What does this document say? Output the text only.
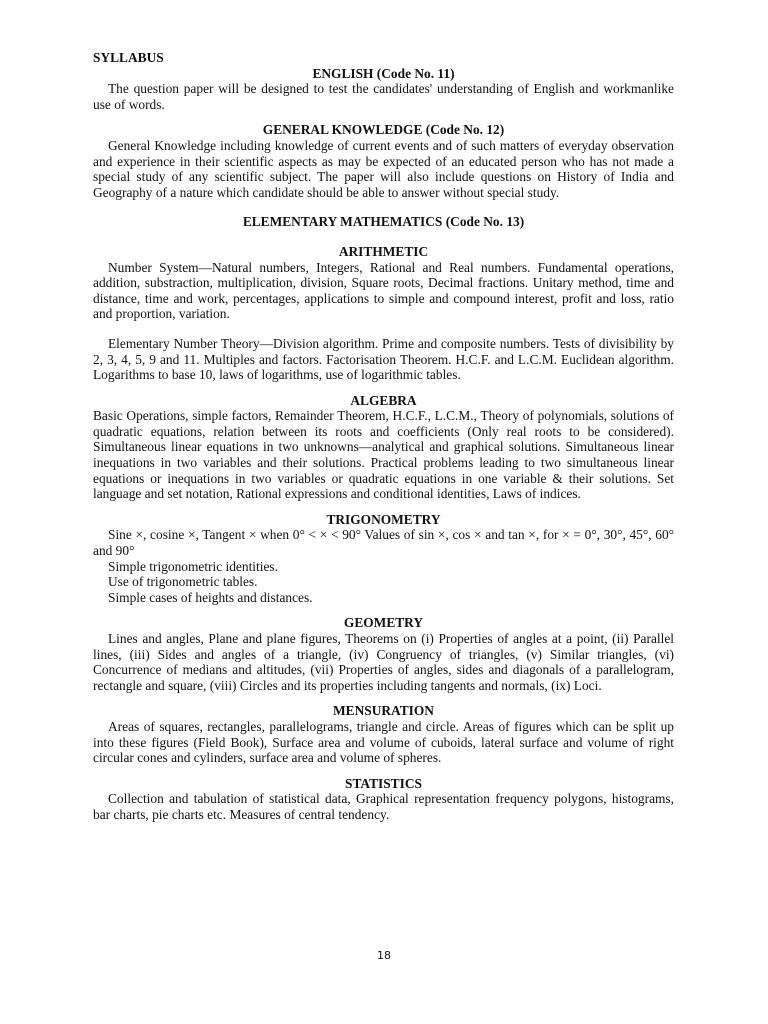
SYLLABUS

ENGLISH (Code No. 11)

The question paper will be designed to test the candidates' understanding of English and workmanlike use of words.

GENERAL KNOWLEDGE (Code No. 12)

General Knowledge including knowledge of current events and of such matters of everyday observation and experience in their scientific aspects as may be expected of an educated person who has not made a special study of any scientific subject. The paper will also include questions on History of India and Geography of a nature which candidate should be able to answer without special study.

ELEMENTARY MATHEMATICS (Code No. 13)

ARITHMETIC

Number System—Natural numbers, Integers, Rational and Real numbers. Fundamental operations, addition, substraction, multiplication, division, Square roots, Decimal fractions. Unitary method, time and distance, time and work, percentages, applications to simple and compound interest, profit and loss, ratio and proportion, variation.

Elementary Number Theory—Division algorithm. Prime and composite numbers. Tests of divisibility by 2, 3, 4, 5, 9 and 11. Multiples and factors. Factorisation Theorem. H.C.F. and L.C.M. Euclidean algorithm. Logarithms to base 10, laws of logarithms, use of logarithmic tables.

ALGEBRA

Basic Operations, simple factors, Remainder Theorem, H.C.F., L.C.M., Theory of polynomials, solutions of quadratic equations, relation between its roots and coefficients (Only real roots to be considered). Simultaneous linear equations in two unknowns—analytical and graphical solutions. Simultaneous linear inequations in two variables and their solutions. Practical problems leading to two simultaneous linear equations or inequations in two variables or quadratic equations in one variable & their solutions. Set language and set notation, Rational expressions and conditional identities, Laws of indices.

TRIGONOMETRY

Sine ×, cosine ×, Tangent × when 0° < × < 90° Values of sin ×, cos × and tan ×, for × = 0°, 30°, 45°, 60° and 90°

Simple trigonometric identities.

Use of trigonometric tables.

Simple cases of heights and distances.

GEOMETRY

Lines and angles, Plane and plane figures, Theorems on (i) Properties of angles at a point, (ii) Parallel lines, (iii) Sides and angles of a triangle, (iv) Congruency of triangles, (v) Similar triangles, (vi) Concurrence of medians and altitudes, (vii) Properties of angles, sides and diagonals of a parallelogram, rectangle and square, (viii) Circles and its properties including tangents and normals, (ix) Loci.

MENSURATION

Areas of squares, rectangles, parallelograms, triangle and circle. Areas of figures which can be split up into these figures (Field Book), Surface area and volume of cuboids, lateral surface and volume of right circular cones and cylinders, surface area and volume of spheres.

STATISTICS

Collection and tabulation of statistical data, Graphical representation frequency polygons, histograms, bar charts, pie charts etc. Measures of central tendency.

18
